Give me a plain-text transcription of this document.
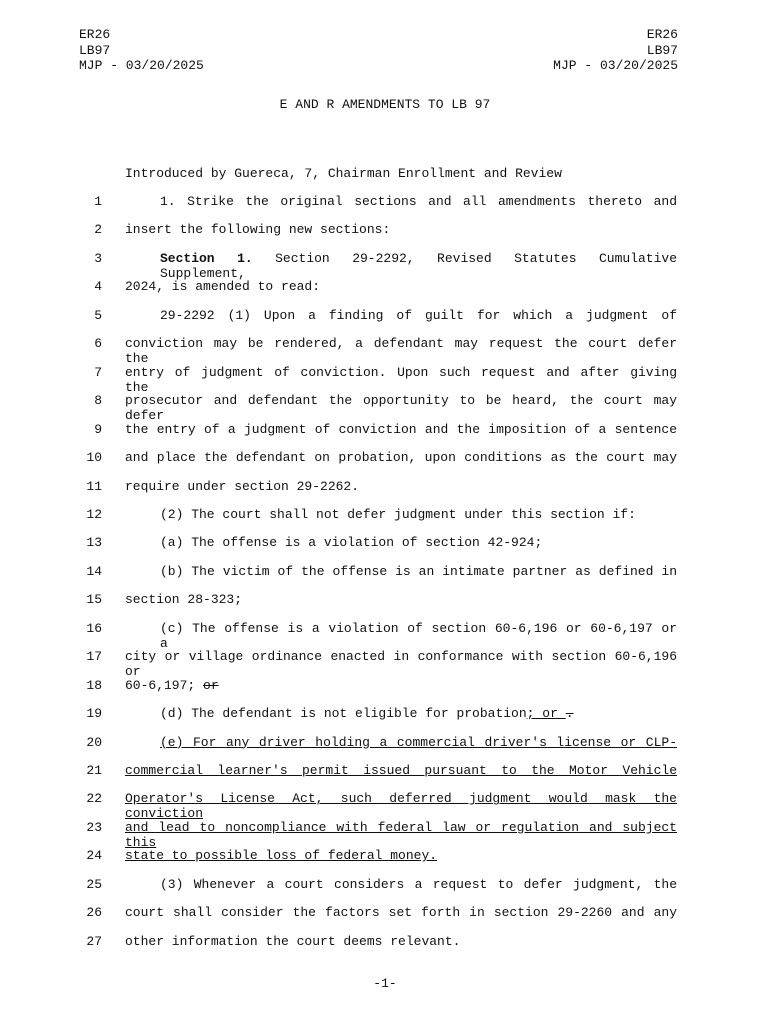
ER26
LB97
MJP - 03/20/2025
ER26
LB97
MJP - 03/20/2025
E AND R AMENDMENTS TO LB 97
Introduced by Guereca, 7, Chairman Enrollment and Review
1	1. Strike the original sections and all amendments thereto and
2 insert the following new sections:
3	Section 1. Section 29-2292, Revised Statutes Cumulative Supplement,
4 2024, is amended to read:
5	29-2292 (1) Upon a finding of guilt for which a judgment of
6 conviction may be rendered, a defendant may request the court defer the
7 entry of judgment of conviction. Upon such request and after giving the
8 prosecutor and defendant the opportunity to be heard, the court may defer
9 the entry of a judgment of conviction and the imposition of a sentence
10 and place the defendant on probation, upon conditions as the court may
11 require under section 29-2262.
12	(2) The court shall not defer judgment under this section if:
13	(a) The offense is a violation of section 42-924;
14	(b) The victim of the offense is an intimate partner as defined in
15 section 28-323;
16	(c) The offense is a violation of section 60-6,196 or 60-6,197 or a
17 city or village ordinance enacted in conformance with section 60-6,196 or
18 60-6,197; or
19	(d) The defendant is not eligible for probation; or .
20	(e) For any driver holding a commercial driver's license or CLP-
21 commercial learner's permit issued pursuant to the Motor Vehicle
22 Operator's License Act, such deferred judgment would mask the conviction
23 and lead to noncompliance with federal law or regulation and subject this
24 state to possible loss of federal money.
25	(3) Whenever a court considers a request to defer judgment, the
26 court shall consider the factors set forth in section 29-2260 and any
27 other information the court deems relevant.
-1-
